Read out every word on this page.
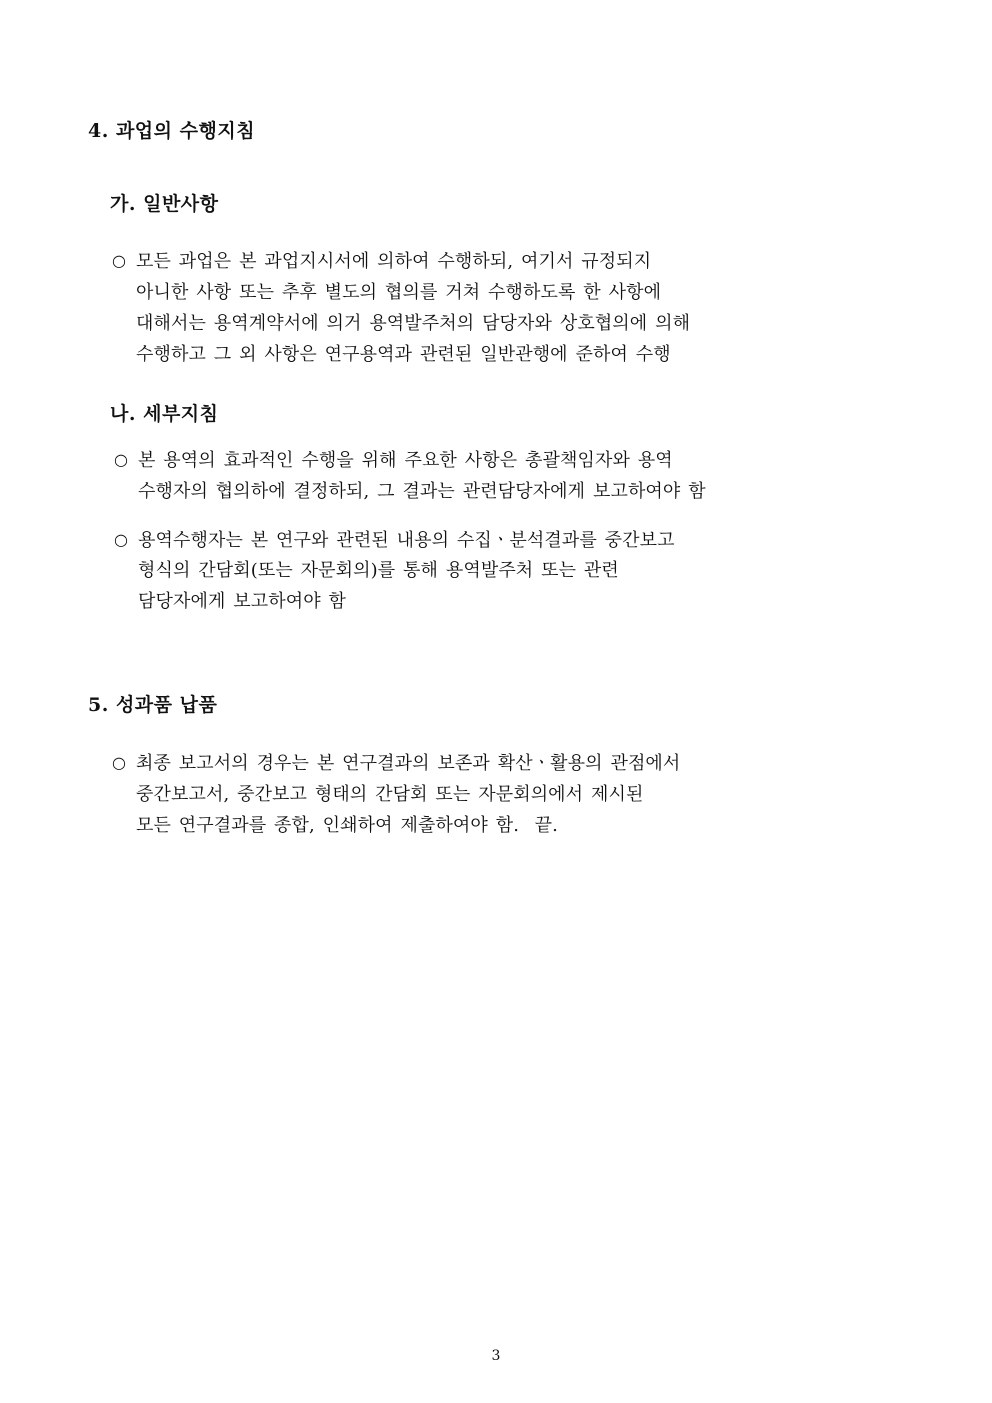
4. 과업의 수행지침

가. 일반사항

○ 모든 과업은 본 과업지시서에 의하여 수행하되, 여기서 규정되지
아니한 사항 또는 추후 별도의 협의를 거쳐 수행하도록 한 사항에
대해서는 용역계약서에 의거 용역발주처의 담당자와 상호협의에 의해
수행하고 그 외 사항은 연구용역과 관련된 일반관행에 준하여 수행

나. 세부지침

○ 본 용역의 효과적인 수행을 위해 주요한 사항은 총괄책임자와 용역
수행자의 협의하에 결정하되, 그 결과는 관련담당자에게 보고하여야 함
○ 용역수행자는 본 연구와 관련된 내용의 수집ㆍ분석결과를 중간보고
형식의 간담회(또는 자문회의)를 통해 용역발주처 또는 관련
담당자에게 보고하여야 함

5. 성과품 납품

○ 최종 보고서의 경우는 본 연구결과의 보존과 확산ㆍ활용의 관점에서
중간보고서, 중간보고 형태의 간담회 또는 자문회의에서 제시된
모든 연구결과를 종합, 인쇄하여 제출하여야 함.  끝.
3
